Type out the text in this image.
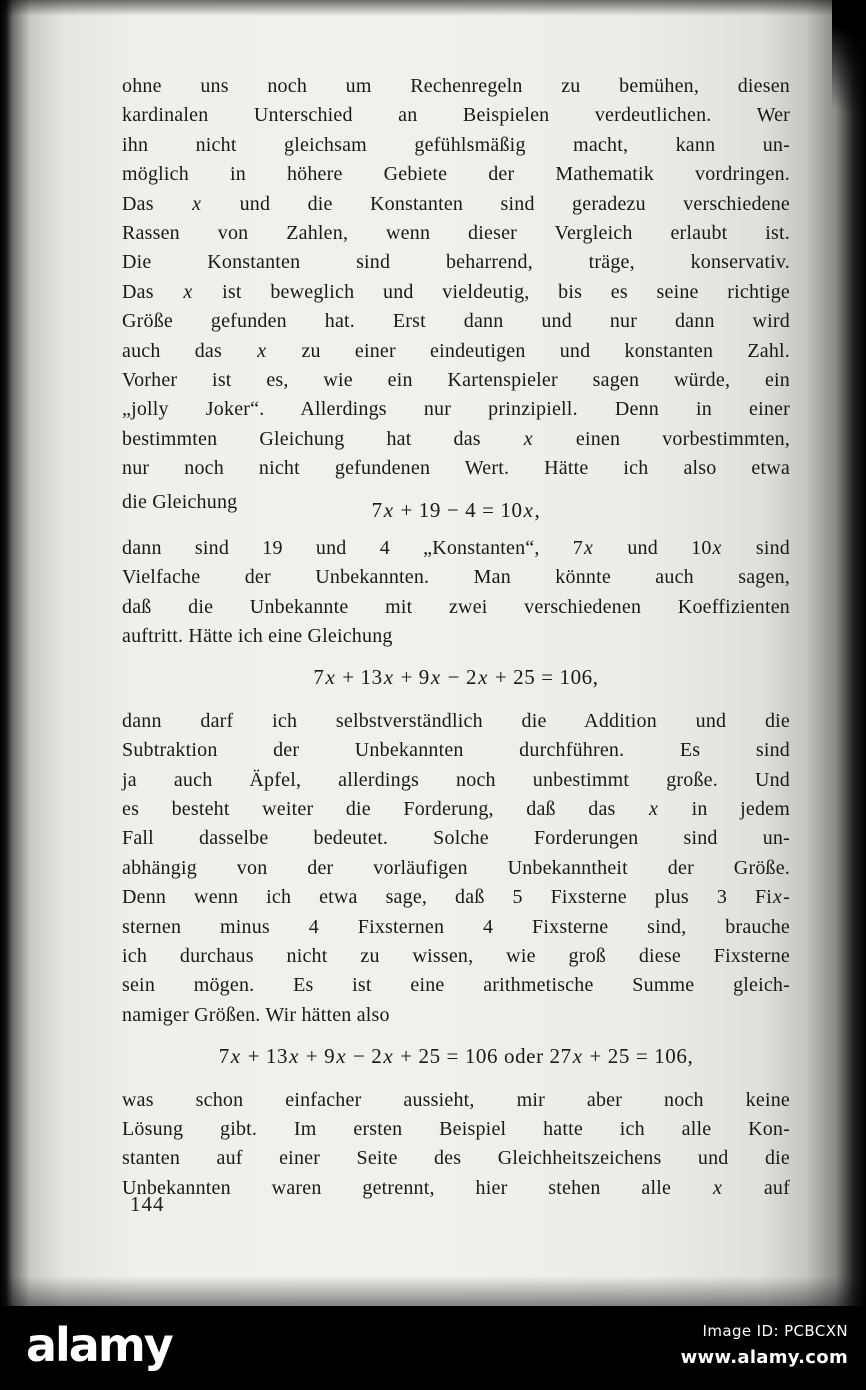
ohne uns noch um Rechenregeln zu bemühen, diesen
kardinalen Unterschied an Beispielen verdeutlichen. Wer
ihn nicht gleichsam gefühlsmäßig macht, kann un-
möglich in höhere Gebiete der Mathematik vordringen.
Das x und die Konstanten sind geradezu verschiedene
Rassen von Zahlen, wenn dieser Vergleich erlaubt ist.
Die Konstanten sind beharrend, träge, konservativ.
Das x ist beweglich und vieldeutig, bis es seine richtige
Größe gefunden hat. Erst dann und nur dann wird
auch das x zu einer eindeutigen und konstanten Zahl.
Vorher ist es, wie ein Kartenspieler sagen würde, ein
„jolly Joker“. Allerdings nur prinzipiell. Denn in einer
bestimmten Gleichung hat das x einen vorbestimmten,
nur noch nicht gefundenen Wert. Hätte ich also etwa
die Gleichung	7x + 19 − 4 = 10x,
dann sind 19 und 4 „Konstanten“, 7x und 10x sind
Vielfache der Unbekannten. Man könnte auch sagen,
daß die Unbekannte mit zwei verschiedenen Koeffizienten
auftritt. Hätte ich eine Gleichung
7x + 13x + 9x − 2x + 25 = 106,
dann darf ich selbstverständlich die Addition und die
Subtraktion der Unbekannten durchführen. Es sind
ja auch Äpfel, allerdings noch unbestimmt große. Und
es besteht weiter die Forderung, daß das x in jedem
Fall dasselbe bedeutet. Solche Forderungen sind un-
abhängig von der vorläufigen Unbekanntheit der Größe.
Denn wenn ich etwa sage, daß 5 Fixsterne plus 3 Fix-
sternen minus 4 Fixsternen 4 Fixsterne sind, brauche
ich durchaus nicht zu wissen, wie groß diese Fixsterne
sein mögen. Es ist eine arithmetische Summe gleich-
namiger Größen. Wir hätten also
7x + 13x + 9x − 2x + 25 = 106 oder 27x + 25 = 106,
was schon einfacher aussieht, mir aber noch keine
Lösung gibt. Im ersten Beispiel hatte ich alle Kon-
stanten auf einer Seite des Gleichheitszeichens und die
Unbekannten waren getrennt, hier stehen alle x auf
144
alamy	Image ID: PCBCXN
www.alamy.com
